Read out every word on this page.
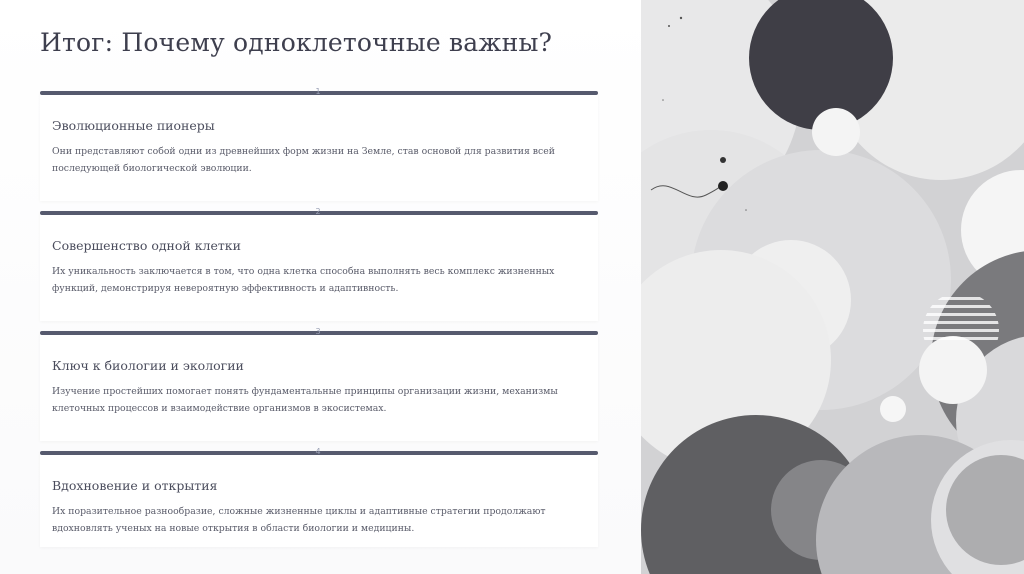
Итог: Почему одноклеточные важны?
1
Эволюционные пионеры
Они представляют собой одни из древнейших форм жизни на Земле, став основой для развития всей последующей биологической эволюции.
2
Совершенство одной клетки
Их уникальность заключается в том, что одна клетка способна выполнять весь комплекс жизненных функций, демонстрируя невероятную эффективность и адаптивность.
3
Ключ к биологии и экологии
Изучение простейших помогает понять фундаментальные принципы организации жизни, механизмы клеточных процессов и взаимодействие организмов в экосистемах.
4
Вдохновение и открытия
Их поразительное разнообразие, сложные жизненные циклы и адаптивные стратегии продолжают вдохновлять ученых на новые открытия в области биологии и медицины.
